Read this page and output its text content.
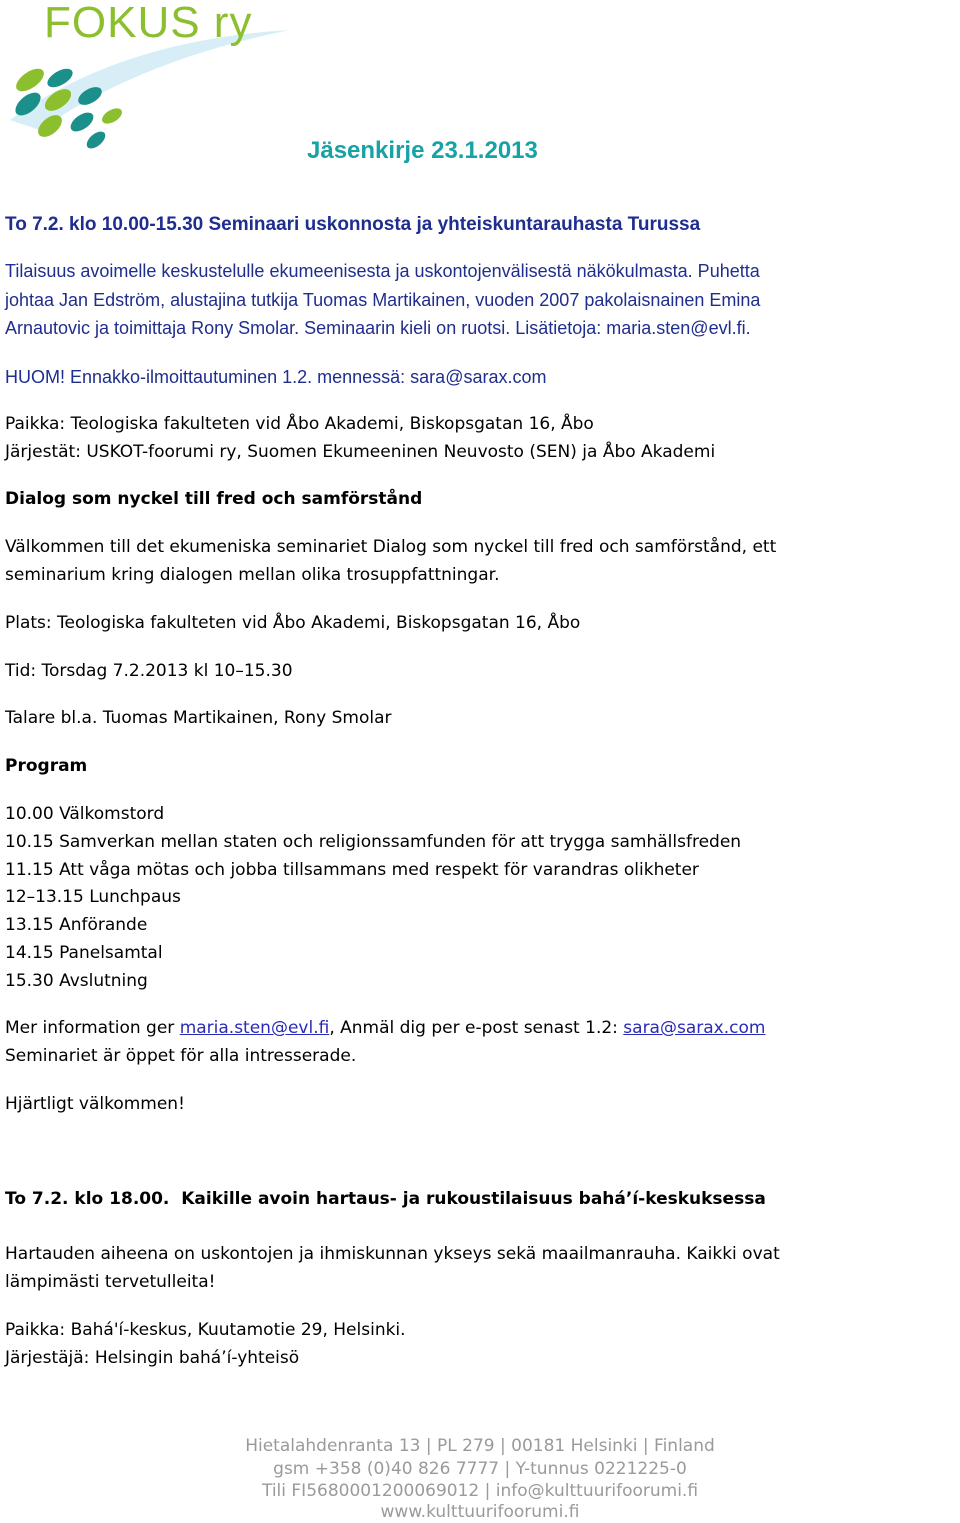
FOKUS ry
Jäsenkirje 23.1.2013
To 7.2. klo 10.00-15.30 Seminaari uskonnosta ja yhteiskuntarauhasta Turussa
Tilaisuus avoimelle keskustelulle ekumeenisesta ja uskontojenvälisestä näkökulmasta. Puhetta
johtaa Jan Edström, alustajina tutkija Tuomas Martikainen, vuoden 2007 pakolaisnainen Emina
Arnautovic ja toimittaja Rony Smolar. Seminaarin kieli on ruotsi. Lisätietoja: maria.sten@evl.fi.
HUOM! Ennakko-ilmoittautuminen 1.2. mennessä: sara@sarax.com
Paikka: Teologiska fakulteten vid Åbo Akademi, Biskopsgatan 16, Åbo
Järjestät: USKOT-foorumi ry, Suomen Ekumeeninen Neuvosto (SEN) ja Åbo Akademi
Dialog som nyckel till fred och samförstånd
Välkommen till det ekumeniska seminariet Dialog som nyckel till fred och samförstånd, ett
seminarium kring dialogen mellan olika trosuppfattningar.
Plats: Teologiska fakulteten vid Åbo Akademi, Biskopsgatan 16, Åbo
Tid: Torsdag 7.2.2013 kl 10–15.30
Talare bl.a. Tuomas Martikainen, Rony Smolar
Program
10.00 Välkomstord
10.15 Samverkan mellan staten och religionssamfunden för att trygga samhällsfreden
11.15 Att våga mötas och jobba tillsammans med respekt för varandras olikheter
12–13.15 Lunchpaus
13.15 Anförande
14.15 Panelsamtal
15.30 Avslutning
Mer information ger maria.sten@evl.fi, Anmäl dig per e-post senast 1.2: sara@sarax.com
Seminariet är öppet för alla intresserade.
Hjärtligt välkommen!
To 7.2. klo 18.00. Kaikille avoin hartaus- ja rukoustilaisuus bahá’í-keskuksessa
Hartauden aiheena on uskontojen ja ihmiskunnan ykseys sekä maailmanrauha. Kaikki ovat
lämpimästi tervetulleita!
Paikka: Bahá'í-keskus, Kuutamotie 29, Helsinki.
Järjestäjä: Helsingin bahá’í-yhteisö
Hietalahdenranta 13 | PL 279 | 00181 Helsinki | Finland
gsm +358 (0)40 826 7777 | Y-tunnus 0221225-0
Tili FI5680001200069012 | info@kulttuurifoorumi.fi
www.kulttuurifoorumi.fi
